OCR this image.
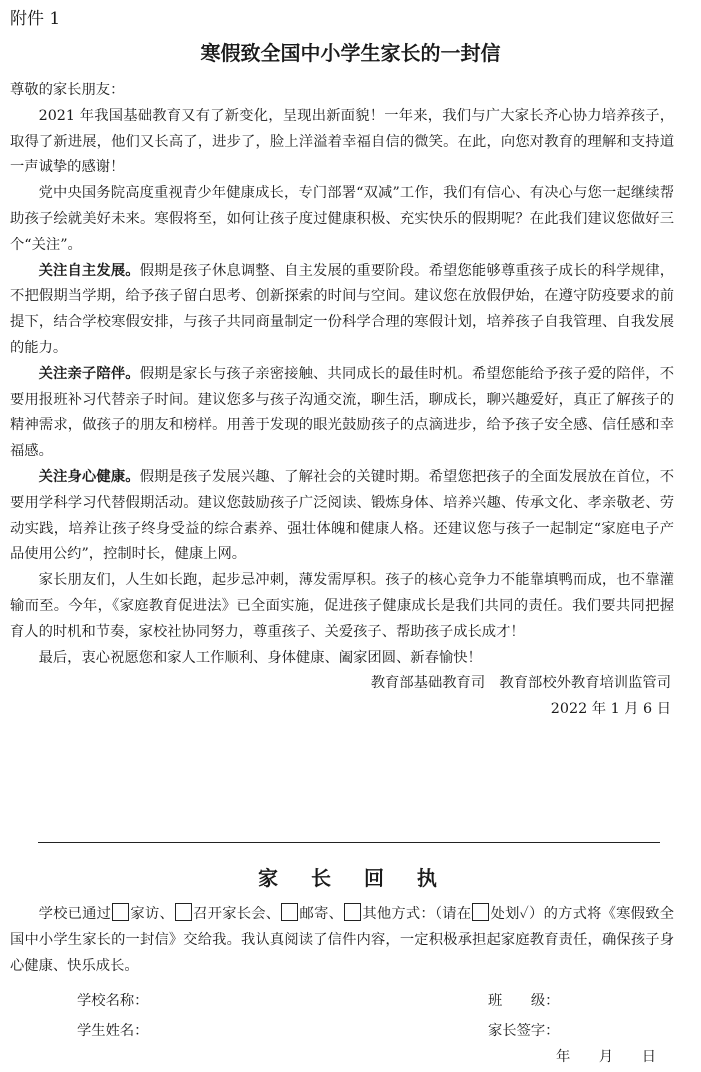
附件 1
寒假致全国中小学生家长的一封信

尊敬的家长朋友：

2021 年我国基础教育又有了新变化，呈现出新面貌！一年来，我们与广大家长齐心协力培养孩子，取得了新进展，他们又长高了，进步了，脸上洋溢着幸福自信的微笑。在此，向您对教育的理解和支持道一声诚挚的感谢！

党中央国务院高度重视青少年健康成长，专门部署“双减”工作，我们有信心、有决心与您一起继续帮助孩子绘就美好未来。寒假将至，如何让孩子度过健康积极、充实快乐的假期呢？在此我们建议您做好三个“关注”。

关注自主发展。假期是孩子休息调整、自主发展的重要阶段。希望您能够尊重孩子成长的科学规律，不把假期当学期，给予孩子留白思考、创新探索的时间与空间。建议您在放假伊始，在遵守防疫要求的前提下，结合学校寒假安排，与孩子共同商量制定一份科学合理的寒假计划，培养孩子自我管理、自我发展的能力。

关注亲子陪伴。假期是家长与孩子亲密接触、共同成长的最佳时机。希望您能给予孩子爱的陪伴，不要用报班补习代替亲子时间。建议您多与孩子沟通交流，聊生活，聊成长，聊兴趣爱好，真正了解孩子的精神需求，做孩子的朋友和榜样。用善于发现的眼光鼓励孩子的点滴进步，给予孩子安全感、信任感和幸福感。

关注身心健康。假期是孩子发展兴趣、了解社会的关键时期。希望您把孩子的全面发展放在首位，不要用学科学习代替假期活动。建议您鼓励孩子广泛阅读、锻炼身体、培养兴趣、传承文化、孝亲敬老、劳动实践，培养让孩子终身受益的综合素养、强壮体魄和健康人格。还建议您与孩子一起制定“家庭电子产品使用公约”，控制时长，健康上网。

家长朋友们，人生如长跑，起步忌冲刺，薄发需厚积。孩子的核心竞争力不能靠填鸭而成，也不靠灌输而至。今年，《家庭教育促进法》已全面实施，促进孩子健康成长是我们共同的责任。我们要共同把握育人的时机和节奏，家校社协同努力，尊重孩子、关爱孩子、帮助孩子成长成才！

最后，衷心祝愿您和家人工作顺利、身体健康、阖家团圆、新春愉快！

教育部基础教育司　教育部校外教育培训监管司

2022 年 1 月 6 日

家 长 回 执

学校已通过 家访、 召开家长会、 邮寄、 其他方式：（请在 处划✓）的方式将《寒假致全国中小学生家长的一封信》交给我。我认真阅读了信件内容，一定积极承担起家庭教育责任，确保孩子身心健康、快乐成长。

学校名称：	班　　级：
学生姓名：	家长签字：
年　　月　　日
